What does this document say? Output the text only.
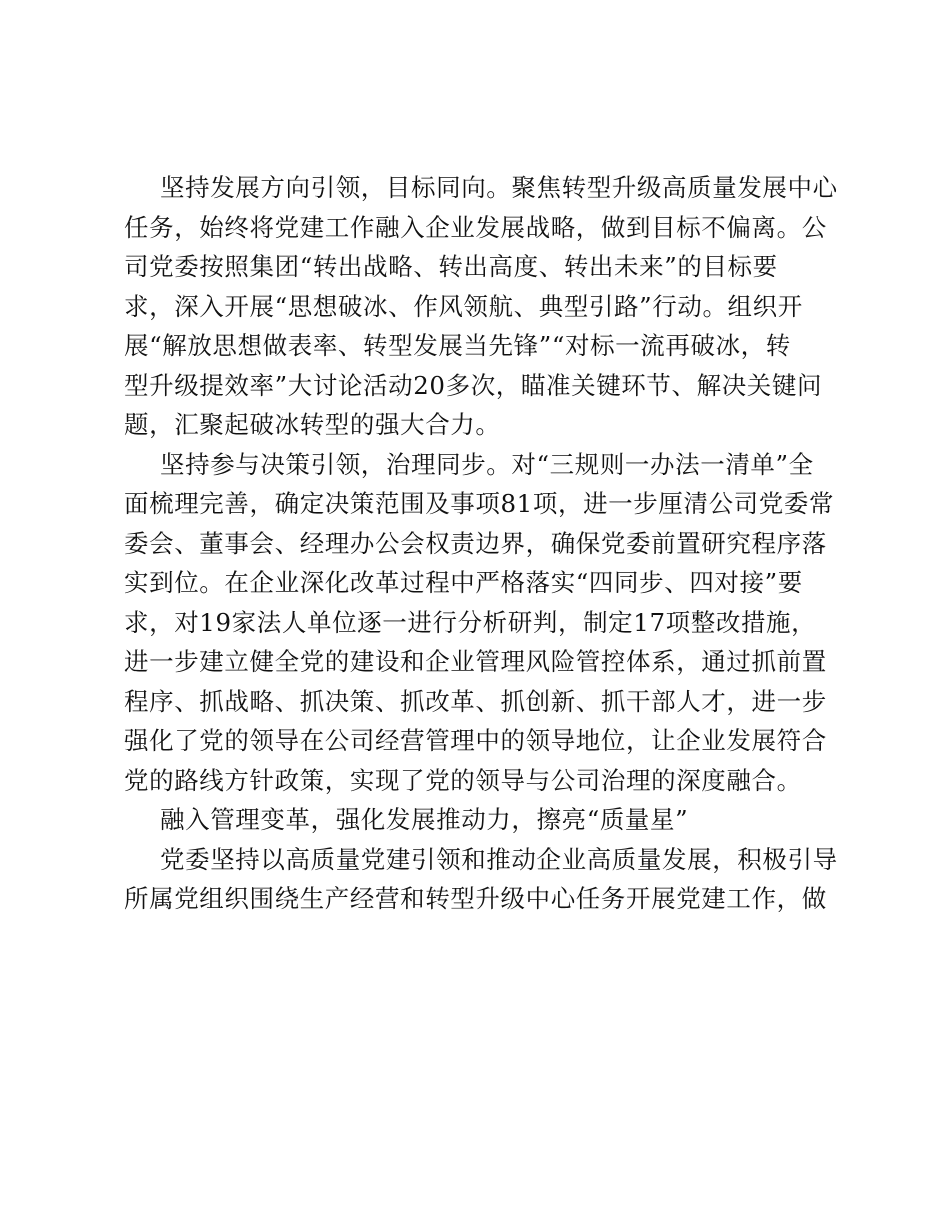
坚持发展方向引领，目标同向。聚焦转型升级高质量发展中心
任务，始终将党建工作融入企业发展战略，做到目标不偏离。公
司党委按照集团“转出战略、转出高度、转出未来”的目标要
求，深入开展“思想破冰、作风领航、典型引路”行动。组织开
展“解放思想做表率、转型发展当先锋”“对标一流再破冰，转
型升级提效率”大讨论活动20多次，瞄准关键环节、解决关键问
题，汇聚起破冰转型的强大合力。
坚持参与决策引领，治理同步。对“三规则一办法一清单”全
面梳理完善，确定决策范围及事项81项，进一步厘清公司党委常
委会、董事会、经理办公会权责边界，确保党委前置研究程序落
实到位。在企业深化改革过程中严格落实“四同步、四对接”要
求，对19家法人单位逐一进行分析研判，制定17项整改措施，
进一步建立健全党的建设和企业管理风险管控体系，通过抓前置
程序、抓战略、抓决策、抓改革、抓创新、抓干部人才，进一步
强化了党的领导在公司经营管理中的领导地位，让企业发展符合
党的路线方针政策，实现了党的领导与公司治理的深度融合。
融入管理变革，强化发展推动力，擦亮“质量星”
党委坚持以高质量党建引领和推动企业高质量发展，积极引导
所属党组织围绕生产经营和转型升级中心任务开展党建工作，做
